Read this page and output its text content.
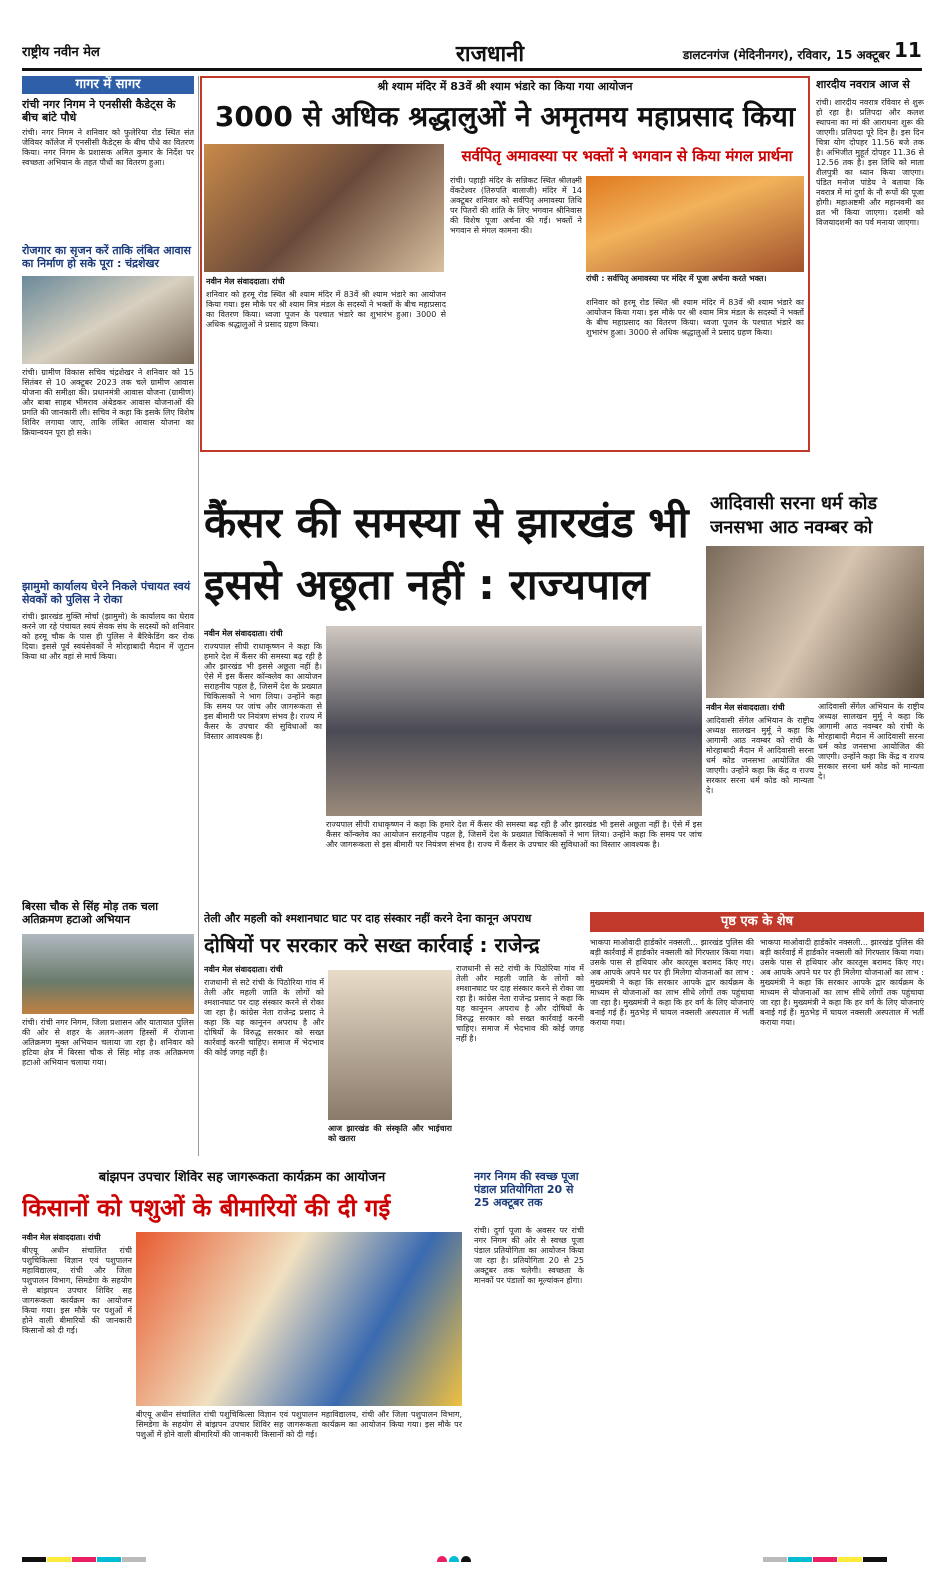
राष्ट्रीय नवीन मेल	राजधानी	डालटनगंज (मेदिनीनगर), रविवार, 15 अक्टूबर 11
गागर में सागर
रांची नगर निगम ने एनसीसी कैडेट्स के बीच बांटे पौधे
रांची। नगर निगम ने शनिवार को फुलेरिया रोड स्थित संत जेवियर कॉलेज में एनसीसी कैडेट्स के बीच पौधे का वितरण किया। नगर निगम के प्रशासक अमित कुमार के निर्देश पर स्वच्छता अभियान के तहत पौधों का वितरण हुआ।
रोजगार का सृजन करें ताकि लंबित आवास का निर्माण हो सके पूरा : चंद्रशेखर
रांची। ग्रामीण विकास सचिव चंद्रशेखर ने शनिवार को 15 सितंबर से 10 अक्टूबर 2023 तक चले ग्रामीण आवास योजना की समीक्षा की। प्रधानमंत्री आवास योजना (ग्रामीण) और बाबा साहब भीमराव अंबेडकर आवास योजनाओं की प्रगति की जानकारी ली। सचिव ने कहा कि इसके लिए विशेष शिविर लगाया जाए, ताकि लंबित आवास योजना का क्रियान्वयन पूरा हो सके।
झामुमो कार्यालय घेरने निकले पंचायत स्वयं सेवकों को पुलिस ने रोका
रांची। झारखंड मुक्ति मोर्चा (झामुमो) के कार्यालय का घेराव करने जा रहे पंचायत स्वयं सेवक संघ के सदस्यों को शनिवार को हरमू चौक के पास ही पुलिस ने बैरिकेडिंग कर रोक दिया। इससे पूर्व स्वयंसेवकों ने मोरहाबादी मैदान में जुटान किया था और वहां से मार्च किया।
बिरसा चौक से सिंह मोड़ तक चला अतिक्रमण हटाओ अभियान
रांची। रांची नगर निगम, जिला प्रशासन और यातायात पुलिस की ओर से शहर के अलग-अलग हिस्सों में रोजाना अतिक्रमण मुक्त अभियान चलाया जा रहा है। शनिवार को हटिया क्षेत्र में बिरसा चौक से सिंह मोड़ तक अतिक्रमण हटाओ अभियान चलाया गया।
श्री श्याम मंदिर में 83वें श्री श्याम भंडारे का किया गया आयोजन
3000 से अधिक श्रद्धालुओं ने अमृतमय महाप्रसाद किया
सर्वपितृ अमावस्या पर भक्तों ने भगवान से किया मंगल प्रार्थना
रांची। पहाड़ी मंदिर के सन्निकट स्थित श्रीलक्ष्मी वेंकटेश्वर (तिरुपति बालाजी) मंदिर में 14 अक्टूबर शनिवार को सर्वपितृ अमावस्या तिथि पर पितरों की शांति के लिए भगवान श्रीनिवास की विशेष पूजा अर्चना की गई। भक्तों ने भगवान से मंगल कामना की।
रांची : सर्वपितृ अमावस्या पर मंदिर में पूजा अर्चना करते भक्त।
नवीन मेल संवाददाता। रांची
शनिवार को हरमू रोड स्थित श्री श्याम मंदिर में 83वें श्री श्याम भंडारे का आयोजन किया गया। इस मौके पर श्री श्याम मित्र मंडल के सदस्यों ने भक्तों के बीच महाप्रसाद का वितरण किया। ध्वजा पूजन के पश्चात भंडारे का शुभारंभ हुआ। 3000 से अधिक श्रद्धालुओं ने प्रसाद ग्रहण किया।
शनिवार को हरमू रोड स्थित श्री श्याम मंदिर में 83वें श्री श्याम भंडारे का आयोजन किया गया। इस मौके पर श्री श्याम मित्र मंडल के सदस्यों ने भक्तों के बीच महाप्रसाद का वितरण किया। ध्वजा पूजन के पश्चात भंडारे का शुभारंभ हुआ। 3000 से अधिक श्रद्धालुओं ने प्रसाद ग्रहण किया।
शारदीय नवरात्र आज से
रांची। शारदीय नवरात्र रविवार से शुरू हो रहा है। प्रतिपदा और कलश स्थापना का मां की आराधना शुरू की जाएगी। प्रतिपदा पूरे दिन है। इस दिन चित्रा योग दोपहर 11.56 बजे तक है। अभिजीत मुहूर्त दोपहर 11.36 से 12.56 तक है। इस तिथि को माता शैलपुत्री का ध्यान किया जाएगा। पंडित मनोज पांडेय ने बताया कि नवरात्र में मां दुर्गा के नौ रूपों की पूजा होगी। महाअष्टमी और महानवमी का व्रत भी किया जाएगा। दशमी को विजयादशमी का पर्व मनाया जाएगा।
कैंसर की समस्या से झारखंड भी इससे अछूता नहीं : राज्यपाल
आदिवासी सरना धर्म कोड जनसभा आठ नवम्बर को
नवीन मेल संवाददाता। रांची
राज्यपाल सीपी राधाकृष्णन ने कहा कि हमारे देश में कैंसर की समस्या बढ़ रही है और झारखंड भी इससे अछूता नहीं है। ऐसे में इस कैंसर कॉन्क्लेव का आयोजन सराहनीय पहल है, जिसमें देश के प्रख्यात चिकित्सकों ने भाग लिया। उन्होंने कहा कि समय पर जांच और जागरूकता से इस बीमारी पर नियंत्रण संभव है। राज्य में कैंसर के उपचार की सुविधाओं का विस्तार आवश्यक है।
राज्यपाल सीपी राधाकृष्णन ने कहा कि हमारे देश में कैंसर की समस्या बढ़ रही है और झारखंड भी इससे अछूता नहीं है। ऐसे में इस कैंसर कॉन्क्लेव का आयोजन सराहनीय पहल है, जिसमें देश के प्रख्यात चिकित्सकों ने भाग लिया। उन्होंने कहा कि समय पर जांच और जागरूकता से इस बीमारी पर नियंत्रण संभव है। राज्य में कैंसर के उपचार की सुविधाओं का विस्तार आवश्यक है।
नवीन मेल संवाददाता। रांची
आदिवासी सेंगेल अभियान के राष्ट्रीय अध्यक्ष सालखन मुर्मू ने कहा कि आगामी आठ नवम्बर को रांची के मोरहाबादी मैदान में आदिवासी सरना धर्म कोड जनसभा आयोजित की जाएगी। उन्होंने कहा कि केंद्र व राज्य सरकार सरना धर्म कोड को मान्यता दे।
आदिवासी सेंगेल अभियान के राष्ट्रीय अध्यक्ष सालखन मुर्मू ने कहा कि आगामी आठ नवम्बर को रांची के मोरहाबादी मैदान में आदिवासी सरना धर्म कोड जनसभा आयोजित की जाएगी। उन्होंने कहा कि केंद्र व राज्य सरकार सरना धर्म कोड को मान्यता दे।
तेली और महली को श्मशानघाट घाट पर दाह संस्कार नहीं करने देना कानून अपराध
दोषियों पर सरकार करे सख्त कार्रवाई : राजेन्द्र
नवीन मेल संवाददाता। रांची
राजधानी से सटे रांची के पिठोरिया गांव में तेली और महली जाति के लोगों को श्मशानघाट पर दाह संस्कार करने से रोका जा रहा है। कांग्रेस नेता राजेन्द्र प्रसाद ने कहा कि यह कानूनन अपराध है और दोषियों के विरुद्ध सरकार को सख्त कार्रवाई करनी चाहिए। समाज में भेदभाव की कोई जगह नहीं है।
आज झारखंड की संस्कृति और भाईचारा को खतरा
राजधानी से सटे रांची के पिठोरिया गांव में तेली और महली जाति के लोगों को श्मशानघाट पर दाह संस्कार करने से रोका जा रहा है। कांग्रेस नेता राजेन्द्र प्रसाद ने कहा कि यह कानूनन अपराध है और दोषियों के विरुद्ध सरकार को सख्त कार्रवाई करनी चाहिए। समाज में भेदभाव की कोई जगह नहीं है।
पृष्ठ एक के शेष
भाकपा माओवादी हार्डकोर नक्सली... झारखंड पुलिस की बड़ी कार्रवाई में हार्डकोर नक्सली को गिरफ्तार किया गया। उसके पास से हथियार और कारतूस बरामद किए गए। अब आपके अपने घर पर ही मिलेगा योजनाओं का लाभ : मुख्यमंत्री ने कहा कि सरकार आपके द्वार कार्यक्रम के माध्यम से योजनाओं का लाभ सीधे लोगों तक पहुंचाया जा रहा है। मुख्यमंत्री ने कहा कि हर वर्ग के लिए योजनाएं बनाई गई हैं। मुठभेड़ में घायल नक्सली अस्पताल में भर्ती कराया गया।
भाकपा माओवादी हार्डकोर नक्सली... झारखंड पुलिस की बड़ी कार्रवाई में हार्डकोर नक्सली को गिरफ्तार किया गया। उसके पास से हथियार और कारतूस बरामद किए गए। अब आपके अपने घर पर ही मिलेगा योजनाओं का लाभ : मुख्यमंत्री ने कहा कि सरकार आपके द्वार कार्यक्रम के माध्यम से योजनाओं का लाभ सीधे लोगों तक पहुंचाया जा रहा है। मुख्यमंत्री ने कहा कि हर वर्ग के लिए योजनाएं बनाई गई हैं। मुठभेड़ में घायल नक्सली अस्पताल में भर्ती कराया गया।
बांझपन उपचार शिविर सह जागरूकता कार्यक्रम का आयोजन
किसानों को पशुओं के बीमारियों की दी गई
नवीन मेल संवाददाता। रांची
बीएयू अधीन संचालित रांची पशुचिकित्सा विज्ञान एवं पशुपालन महाविद्यालय, रांची और जिला पशुपालन विभाग, सिमडेगा के सहयोग से बांझपन उपचार शिविर सह जागरूकता कार्यक्रम का आयोजन किया गया। इस मौके पर पशुओं में होने वाली बीमारियों की जानकारी किसानों को दी गई।
बीएयू अधीन संचालित रांची पशुचिकित्सा विज्ञान एवं पशुपालन महाविद्यालय, रांची और जिला पशुपालन विभाग, सिमडेगा के सहयोग से बांझपन उपचार शिविर सह जागरूकता कार्यक्रम का आयोजन किया गया। इस मौके पर पशुओं में होने वाली बीमारियों की जानकारी किसानों को दी गई।
नगर निगम की स्वच्छ पूजा पंडाल प्रतियोगिता 20 से 25 अक्टूबर तक
रांची। दुर्गा पूजा के अवसर पर रांची नगर निगम की ओर से स्वच्छ पूजा पंडाल प्रतियोगिता का आयोजन किया जा रहा है। प्रतियोगिता 20 से 25 अक्टूबर तक चलेगी। स्वच्छता के मानकों पर पंडालों का मूल्यांकन होगा।
